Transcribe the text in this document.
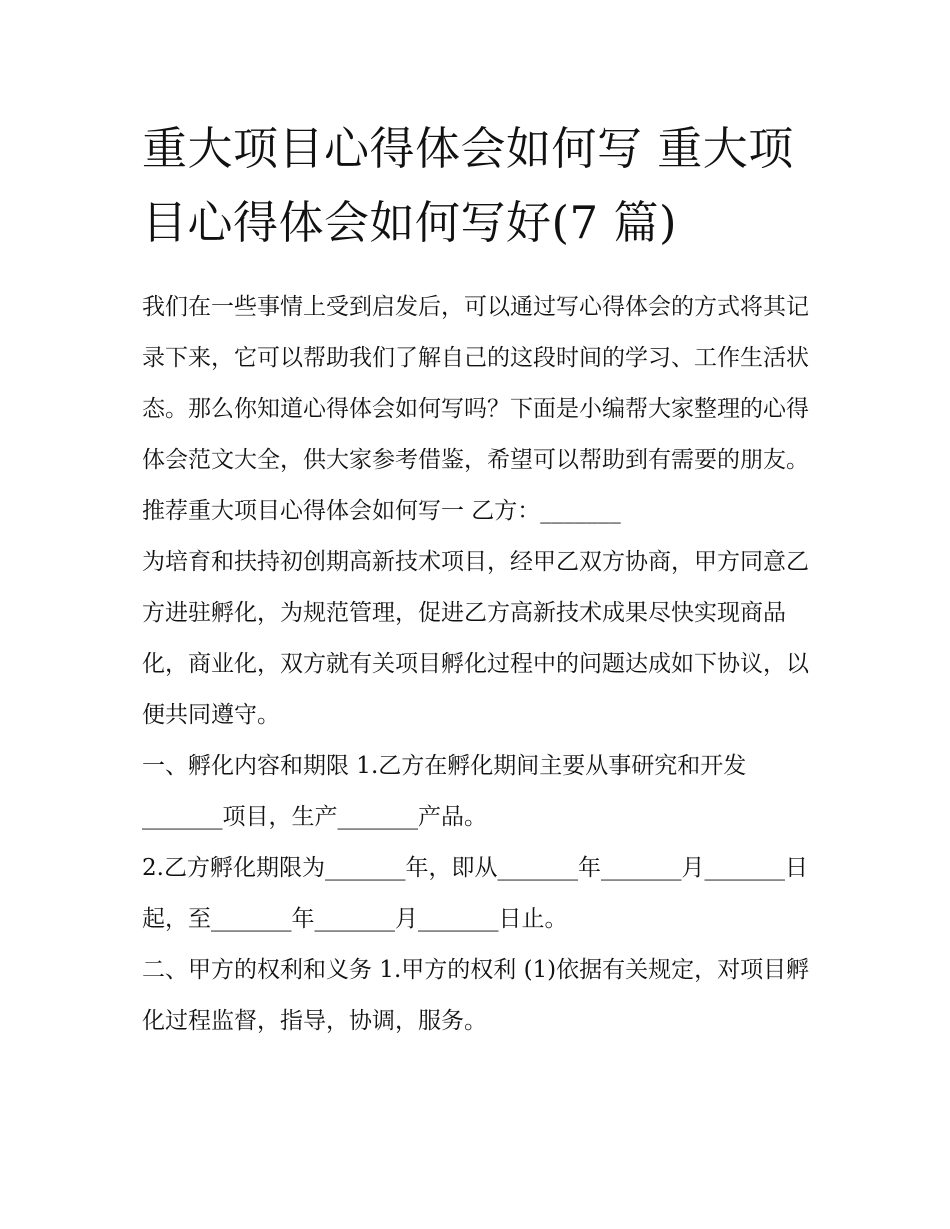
重大项目心得体会如何写 重大项目心得体会如何写好(7 篇)

我们在一些事情上受到启发后，可以通过写心得体会的方式将其记录下来，它可以帮助我们了解自己的这段时间的学习、工作生活状态。那么你知道心得体会如何写吗？下面是小编帮大家整理的心得体会范文大全，供大家参考借鉴，希望可以帮助到有需要的朋友。

推荐重大项目心得体会如何写一 乙方：_______

为培育和扶持初创期高新技术项目，经甲乙双方协商，甲方同意乙方进驻孵化，为规范管理，促进乙方高新技术成果尽快实现商品化，商业化，双方就有关项目孵化过程中的问题达成如下协议，以便共同遵守。

一、孵化内容和期限 1.乙方在孵化期间主要从事研究和开发_______项目，生产_______产品。

2.乙方孵化期限为_______年，即从_______年_______月_______日起，至_______年_______月_______日止。

二、甲方的权利和义务 1.甲方的权利 (1)依据有关规定，对项目孵化过程监督，指导，协调，服务。
